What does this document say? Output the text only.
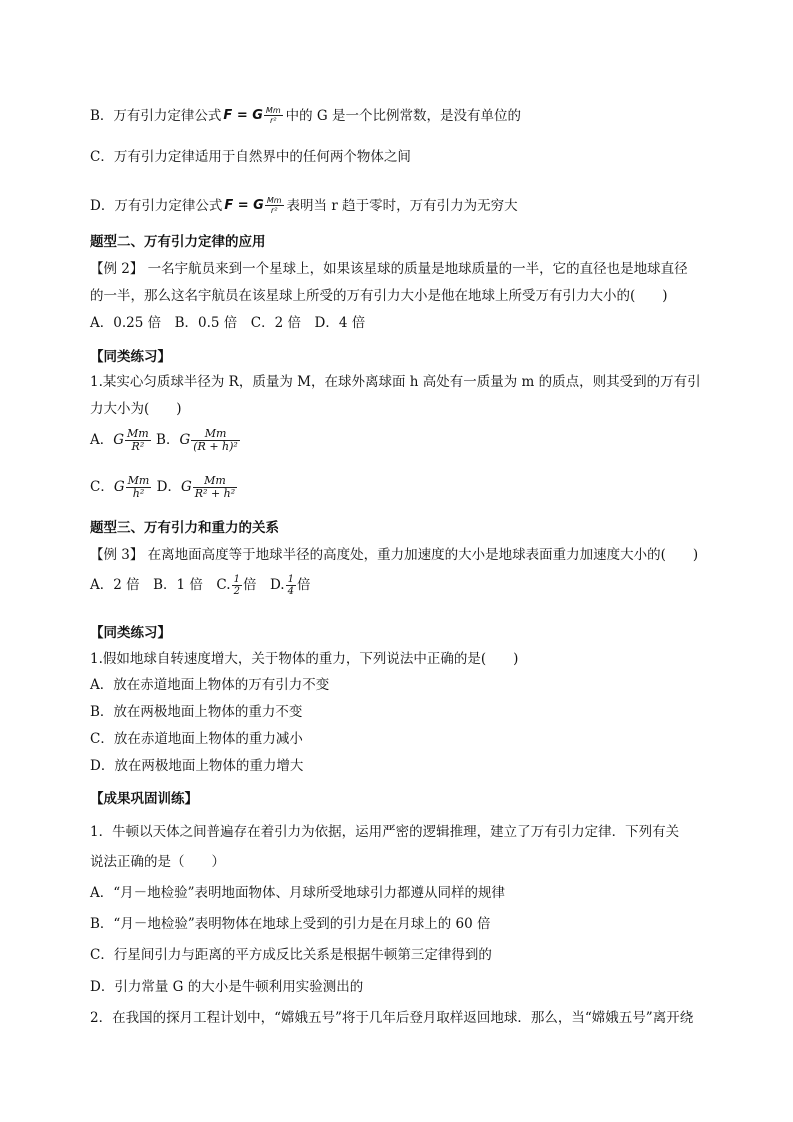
B．万有引力定律公式 F = G $\frac{Mm}{\text{r²}}$ 中的 G 是一个比例常数，是没有单位的
C．万有引力定律适用于自然界中的任何两个物体之间
D．万有引力定律公式 F = G $\frac{Mm}{\text{r²}}$ 表明当 r 趋于零时，万有引力为无穷大
题型二、万有引力定律的应用
【例 2】 一名宇航员来到一个星球上，如果该星球的质量是地球质量的一半，它的直径也是地球直径
的一半，那么这名宇航员在该星球上所受的万有引力大小是他在地球上所受万有引力大小的(　　)
A．0.25 倍　B．0.5 倍　C．2 倍　D．4 倍
【同类练习】
1.某实心匀质球半径为 R，质量为 M，在球外离球面 h 高处有一质量为 m 的质点，则其受到的万有引
力大小为(　　)
A．G $\frac{Mm}{\text{R²}}$ B．G $\frac{Mm}{\text{(R + h)²}}$
C．G $\frac{Mm}{\text{h²}}$ D．G $\frac{Mm}{\text{R² + h²}}$
题型三、万有引力和重力的关系
【例 3】 在离地面高度等于地球半径的高度处，重力加速度的大小是地球表面重力加速度大小的(　　)
A．2 倍　B．1 倍　C. $\frac{1}{2}$ 倍　D. $\frac{1}{4}$ 倍
【同类练习】
1.假如地球自转速度增大，关于物体的重力，下列说法中正确的是(　　)
A．放在赤道地面上物体的万有引力不变
B．放在两极地面上物体的重力不变
C．放在赤道地面上物体的重力减小
D．放在两极地面上物体的重力增大
【成果巩固训练】
1．牛顿以天体之间普遍存在着引力为依据，运用严密的逻辑推理，建立了万有引力定律．下列有关
说法正确的是（　　）
A．“月－地检验”表明地面物体、月球所受地球引力都遵从同样的规律
B．“月－地检验”表明物体在地球上受到的引力是在月球上的 60 倍
C．行星间引力与距离的平方成反比关系是根据牛顿第三定律得到的
D．引力常量 G 的大小是牛顿利用实验测出的
2．在我国的探月工程计划中，“嫦娥五号”将于几年后登月取样返回地球．那么，当“嫦娥五号”离开绕
